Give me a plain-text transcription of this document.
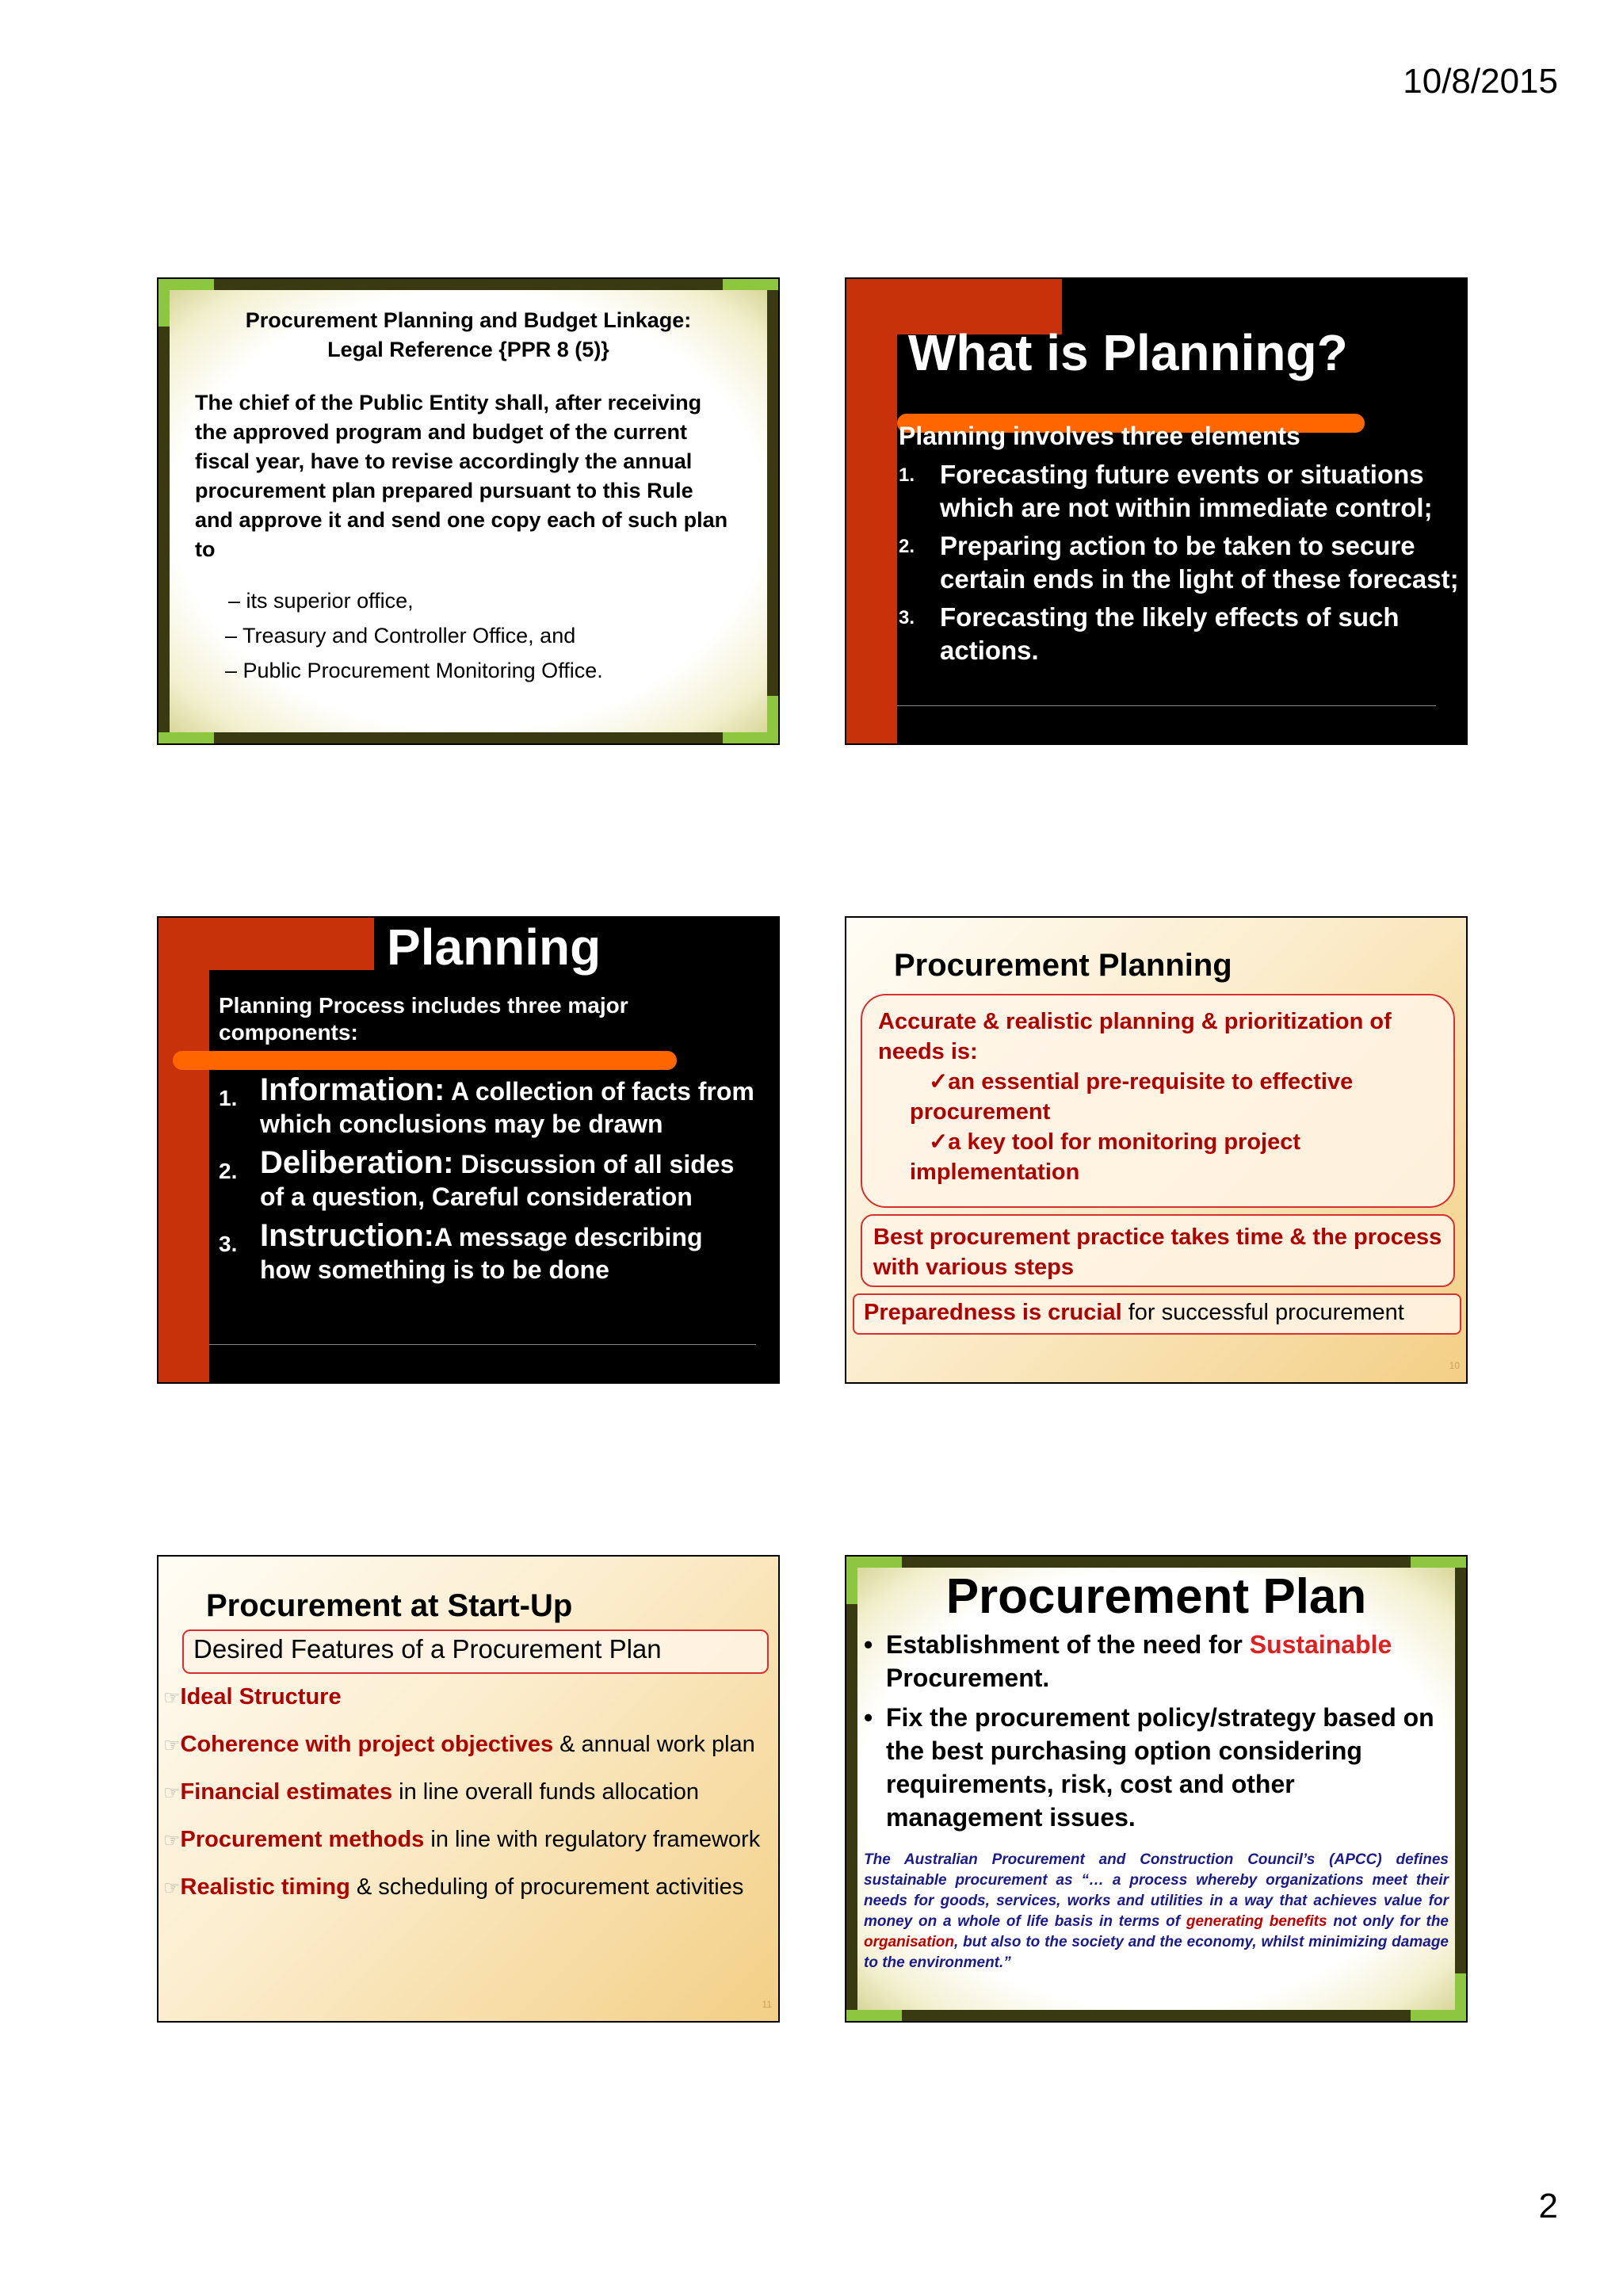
10/8/2015
Procurement Planning and Budget Linkage:
Legal Reference {PPR 8 (5)}
The chief of the Public Entity shall, after receiving the approved program and budget of the current fiscal year, have to revise accordingly the annual procurement plan prepared pursuant to this Rule and approve it and send one copy each of such plan to
– its superior office,
– Treasury and Controller Office, and
– Public Procurement Monitoring Office.
What is Planning?
Planning involves three elements
1. Forecasting future events or situations which are not within immediate control;
2. Preparing action to be taken to secure certain ends in the light of these forecast;
3. Forecasting the likely effects of such actions.
Planning
Planning Process includes three major components:
1. Information: A collection of facts from which conclusions may be drawn
2. Deliberation: Discussion of all sides of a question, Careful consideration
3. Instruction:A message describing how something is to be done
Procurement Planning
Accurate & realistic planning & prioritization of needs is:
✓an essential pre-requisite to effective procurement
✓a key tool for monitoring project implementation
Best procurement practice takes time & the process with various steps
Preparedness is crucial for successful procurement
10
Procurement at Start-Up
Desired Features of a Procurement Plan
☞Ideal Structure
☞Coherence with project objectives & annual work plan
☞Financial estimates in line overall funds allocation
☞Procurement methods in line with regulatory framework
☞Realistic timing & scheduling of procurement activities
11
Procurement Plan
• Establishment of the need for Sustainable Procurement.
• Fix the procurement policy/strategy based on the best purchasing option considering requirements, risk, cost and other management issues.
The Australian Procurement and Construction Council’s (APCC) defines sustainable procurement as “… a process whereby organizations meet their needs for goods, services, works and utilities in a way that achieves value for money on a whole of life basis in terms of generating benefits not only for the organisation, but also to the society and the economy, whilst minimizing damage to the environment.”
2
